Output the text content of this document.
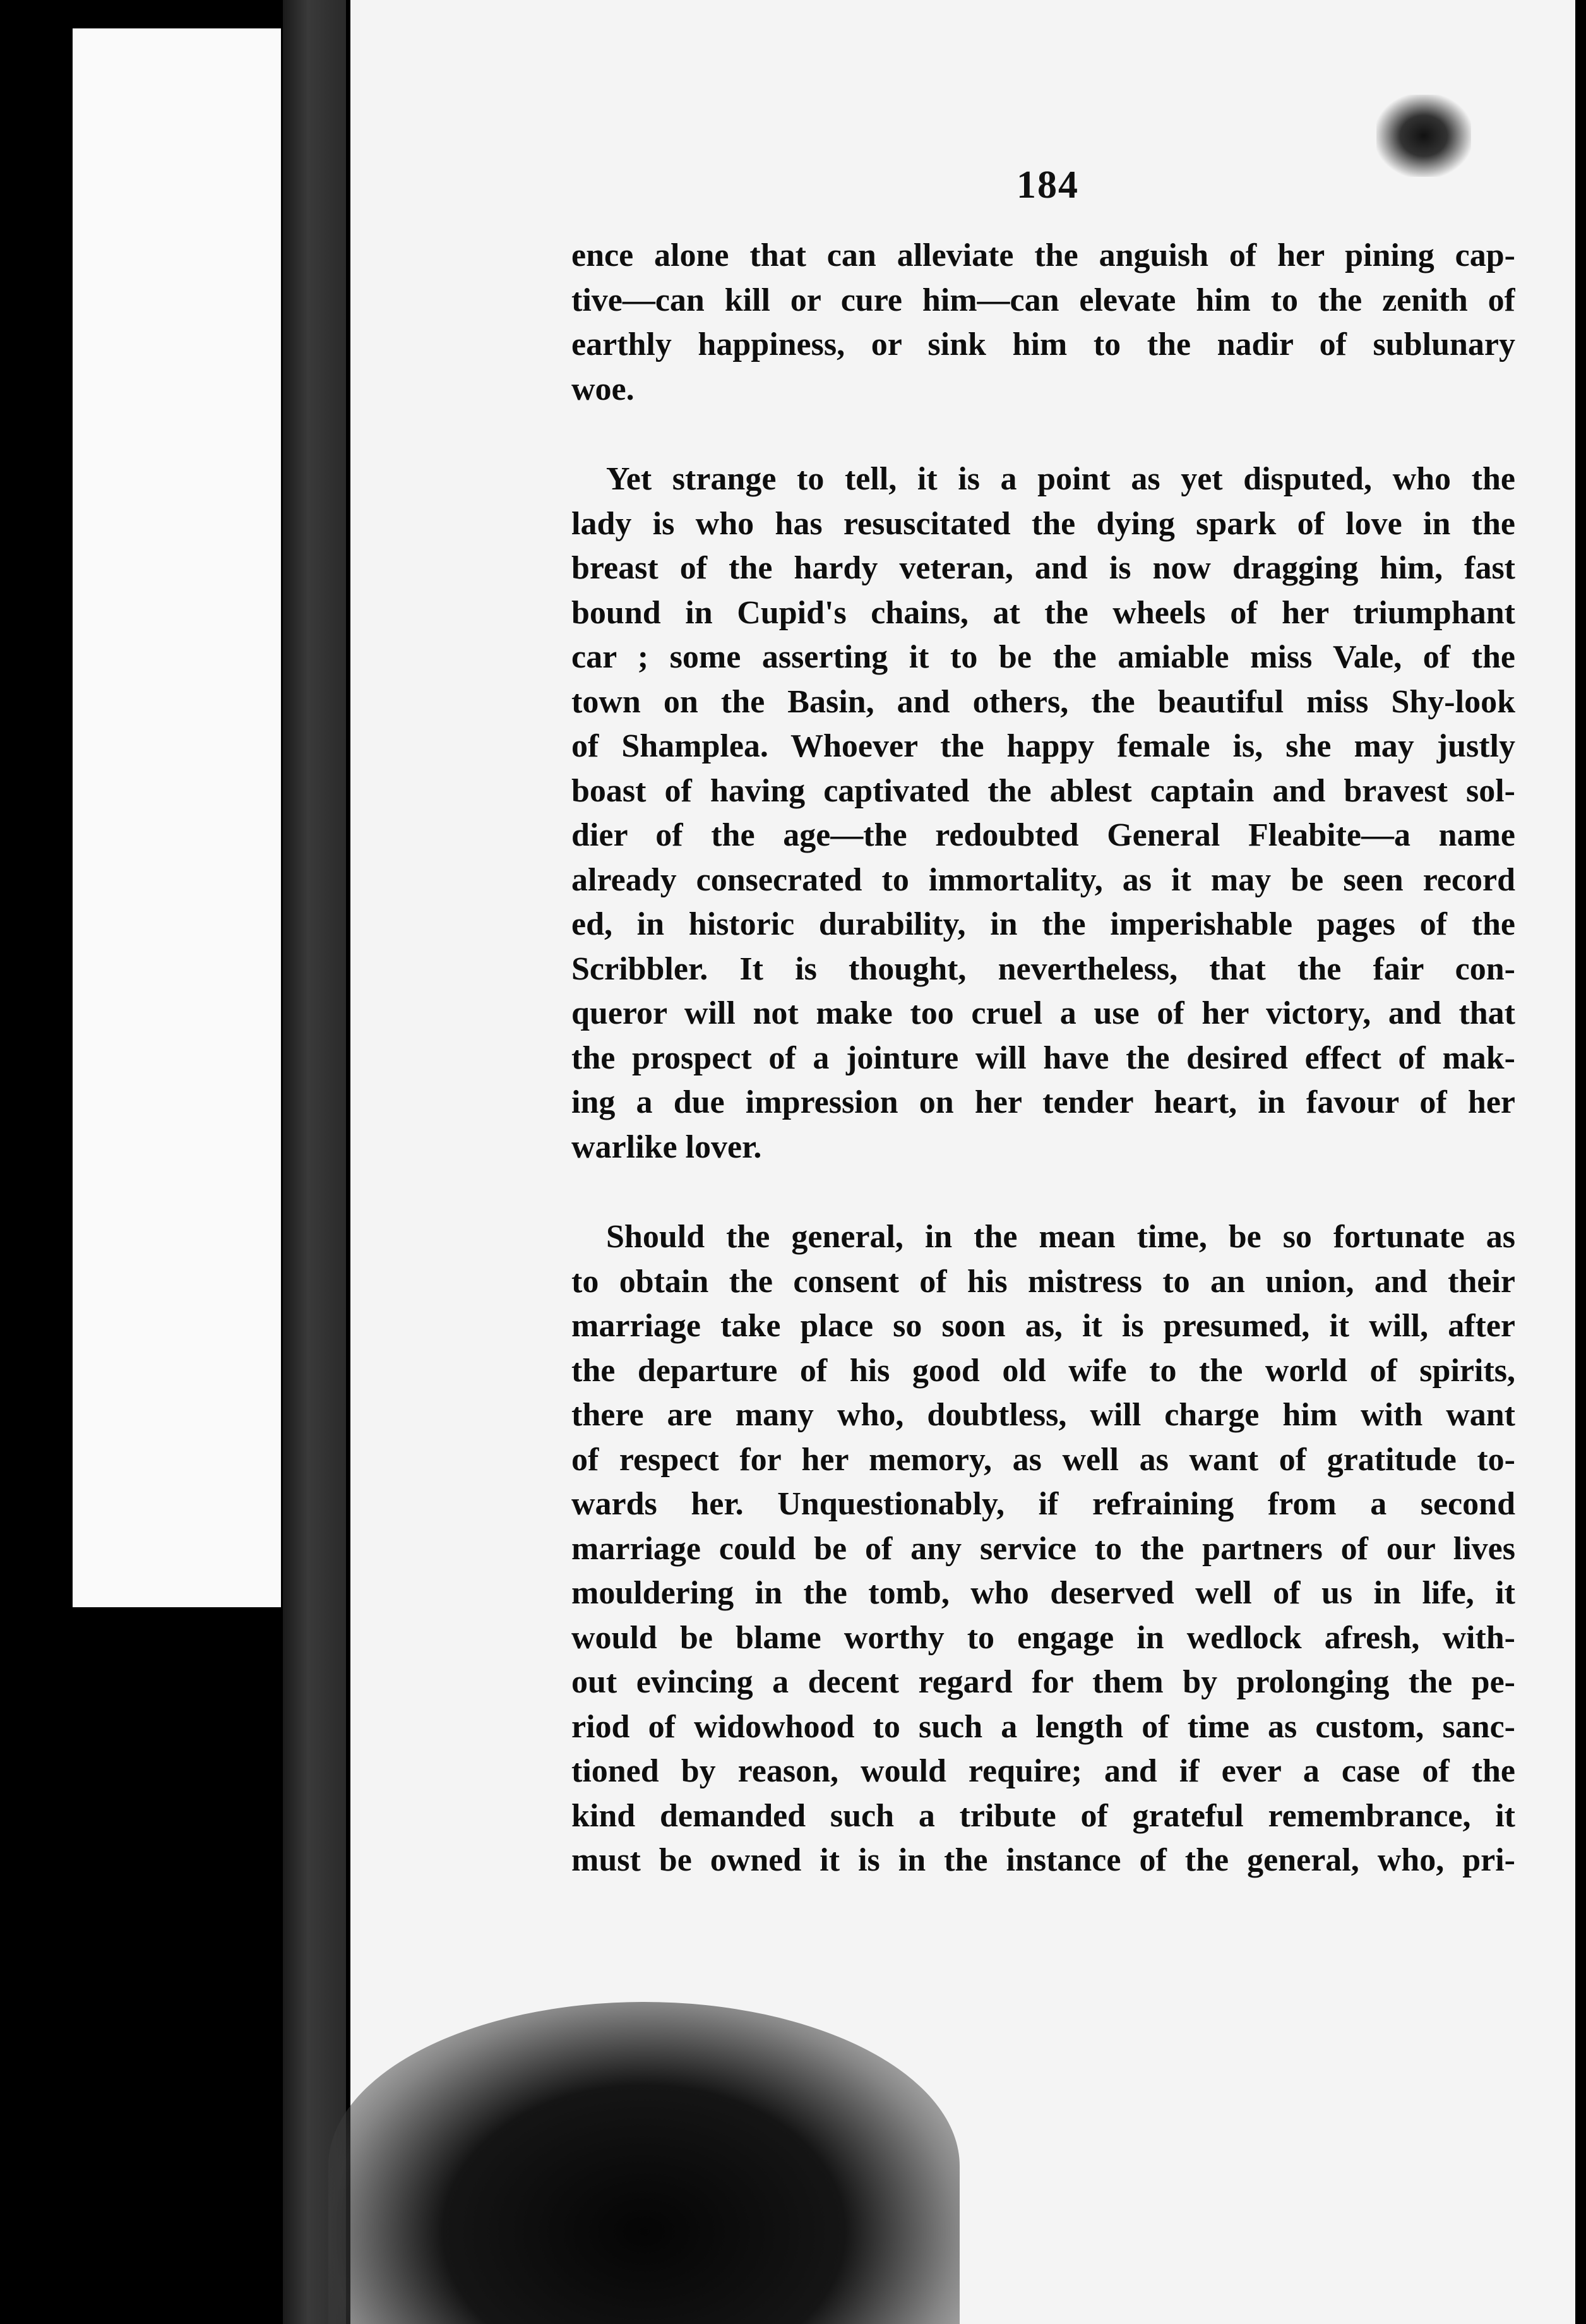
184
ence alone that can alleviate the anguish of her pining cap-
tive—can kill or cure him—can elevate him to the zenith of
earthly happiness, or sink him to the nadir of sublunary
woe.
Yet strange to tell, it is a point as yet disputed, who the
lady is who has resuscitated the dying spark of love in the
breast of the hardy veteran, and is now dragging him, fast
bound in Cupid's chains, at the wheels of her triumphant
car ; some asserting it to be the amiable miss Vale, of the
town on the Basin, and others, the beautiful miss Shy-look
of Shamplea. Whoever the happy female is, she may justly
boast of having captivated the ablest captain and bravest sol-
dier of the age—the redoubted General Fleabite—a name
already consecrated to immortality, as it may be seen record
ed, in historic durability, in the imperishable pages of the
Scribbler. It is thought, nevertheless, that the fair con-
queror will not make too cruel a use of her victory, and that
the prospect of a jointure will have the desired effect of mak-
ing a due impression on her tender heart, in favour of her
warlike lover.
Should the general, in the mean time, be so fortunate as
to obtain the consent of his mistress to an union, and their
marriage take place so soon as, it is presumed, it will, after
the departure of his good old wife to the world of spirits,
there are many who, doubtless, will charge him with want
of respect for her memory, as well as want of gratitude to-
wards her. Unquestionably, if refraining from a second
marriage could be of any service to the partners of our lives
mouldering in the tomb, who deserved well of us in life, it
would be blame worthy to engage in wedlock afresh, with-
out evincing a decent regard for them by prolonging the pe-
riod of widowhood to such a length of time as custom, sanc-
tioned by reason, would require; and if ever a case of the
kind demanded such a tribute of grateful remembrance, it
must be owned it is in the instance of the general, who, pri-
